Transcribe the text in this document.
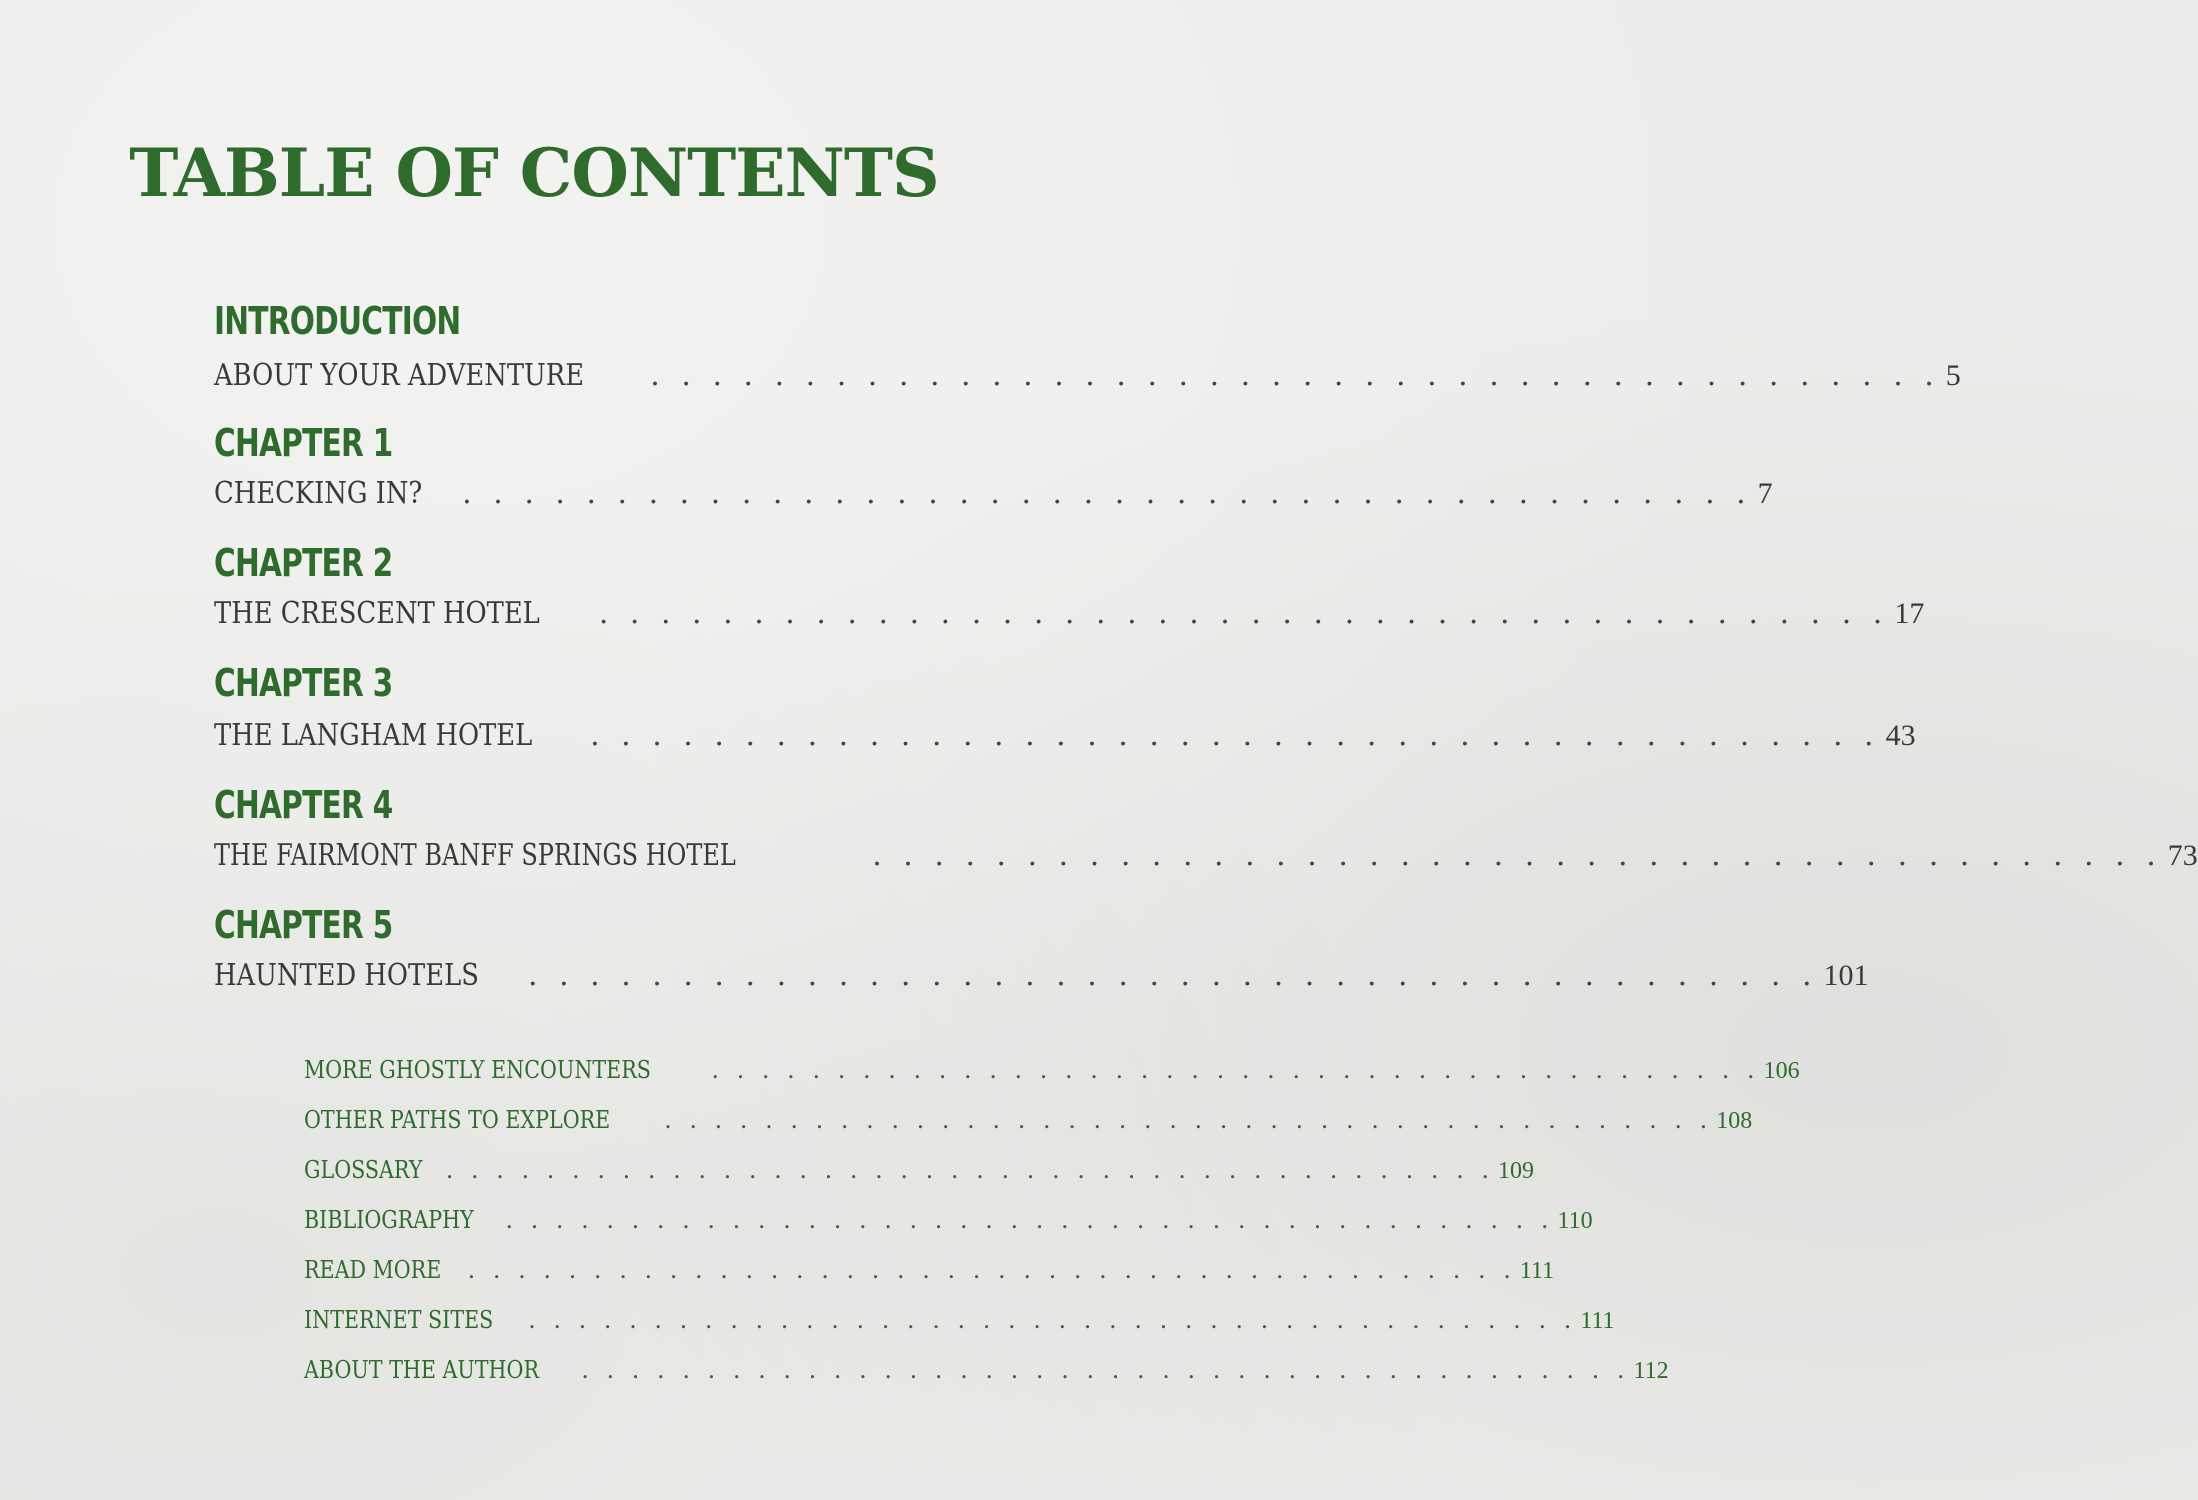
TABLE OF CONTENTS
INTRODUCTION
ABOUT YOUR ADVENTURE . . . . . . . . . . . . . . . . . . . . . . . . . . . . . . . . . . . . . . . . . . 5
CHAPTER 1
CHECKING IN? . . . . . . . . . . . . . . . . . . . . . . . . . . . . . . . . . . . . . . . . . . 7
CHAPTER 2
THE CRESCENT HOTEL . . . . . . . . . . . . . . . . . . . . . . . . . . . . . . . . . . . . . . . . . . 17
CHAPTER 3
THE LANGHAM HOTEL . . . . . . . . . . . . . . . . . . . . . . . . . . . . . . . . . . . . . . . . . . 43
CHAPTER 4
THE FAIRMONT BANFF SPRINGS HOTEL	. . . . . . . . . . . . . . . . . . . . . . . . . . . . . . . . . . . . . . . . . . 73
CHAPTER 5
HAUNTED HOTELS . . . . . . . . . . . . . . . . . . . . . . . . . . . . . . . . . . . . . . . . . . 101
MORE GHOSTLY ENCOUNTERS	. . . . . . . . . . . . . . . . . . . . . . . . . . . . . . . . . . . . . . . . . . 106
OTHER PATHS TO EXPLORE . . . . . . . . . . . . . . . . . . . . . . . . . . . . . . . . . . . . . . . . . . 108
GLOSSARY . . . . . . . . . . . . . . . . . . . . . . . . . . . . . . . . . . . . . . . . . . 109
BIBLIOGRAPHY . . . . . . . . . . . . . . . . . . . . . . . . . . . . . . . . . . . . . . . . . . 110
READ MORE . . . . . . . . . . . . . . . . . . . . . . . . . . . . . . . . . . . . . . . . . . 111
INTERNET SITES . . . . . . . . . . . . . . . . . . . . . . . . . . . . . . . . . . . . . . . . . . 111
ABOUT THE AUTHOR . . . . . . . . . . . . . . . . . . . . . . . . . . . . . . . . . . . . . . . . . . 112
